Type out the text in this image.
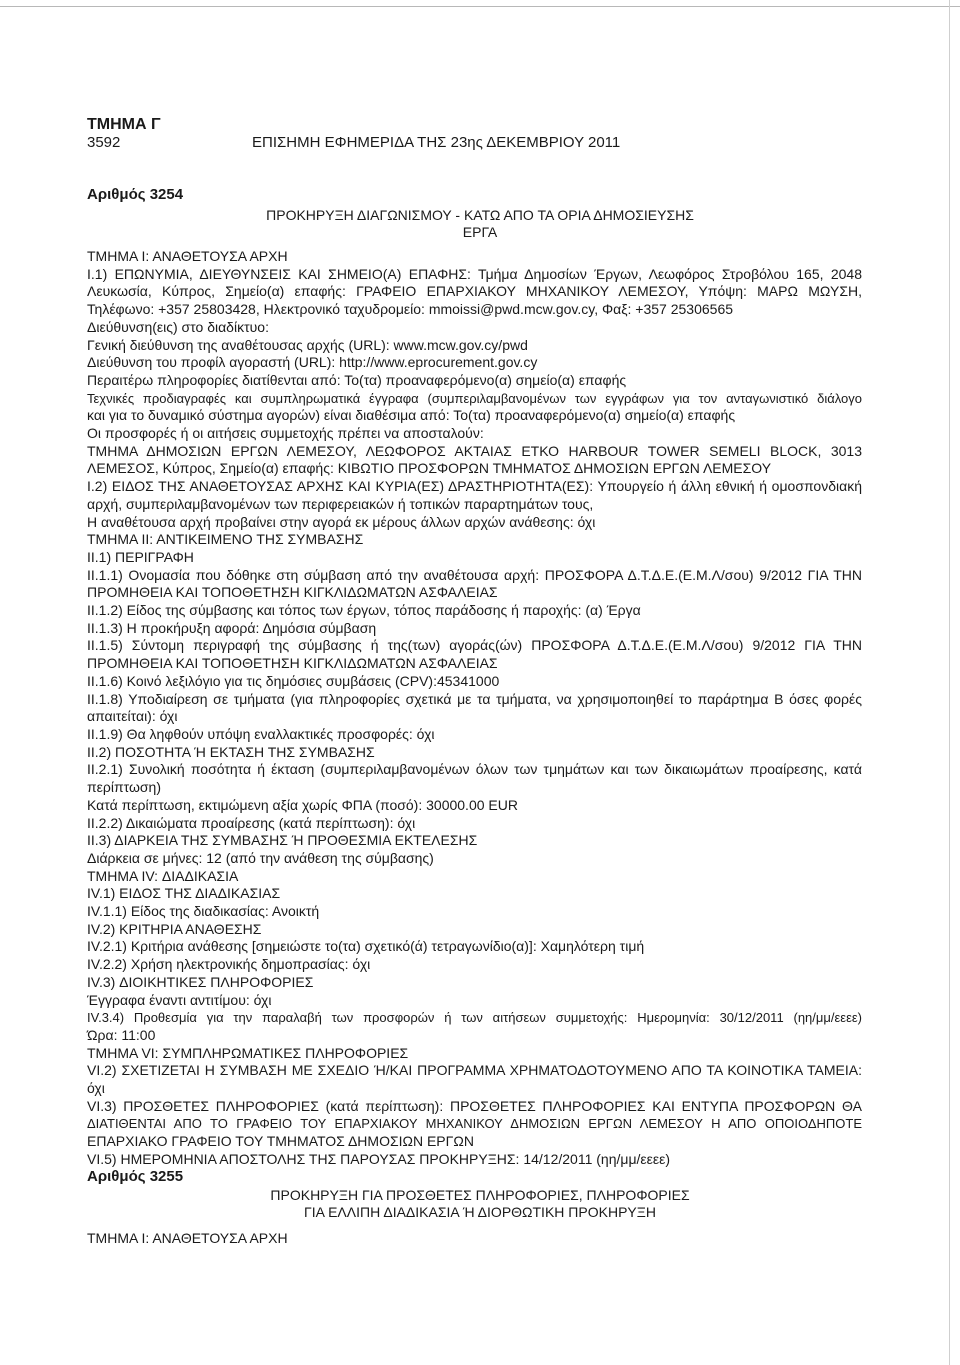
ΤΜΗΜΑ Γ
3592	ΕΠΙΣΗΜΗ ΕΦΗΜΕΡΙΔΑ ΤΗΣ 23ης ΔΕΚΕΜΒΡΙΟΥ 2011
Αριθμός 3254
ΠΡΟΚΗΡΥΞΗ ΔΙΑΓΩΝΙΣΜΟΥ - ΚΑΤΩ ΑΠΟ ΤΑ ΟΡΙΑ ΔΗΜΟΣΙΕΥΣΗΣ
ΕΡΓΑ

ΤΜΗΜΑ Ι: ΑΝΑΘΕΤΟΥΣΑ ΑΡΧΗ

Ι.1) ΕΠΩΝΥΜΙΑ, ΔΙΕΥΘΥΝΣΕΙΣ ΚΑΙ ΣΗΜΕΙΟ(Α) ΕΠΑΦΗΣ: Τμήμα Δημοσίων Έργων, Λεωφόρος Στροβόλου 165, 2048

Λευκωσία, Κύπρος, Σημείο(α) επαφής: ΓΡΑΦΕΙΟ ΕΠΑΡΧΙΑΚΟΥ ΜΗΧΑΝΙΚΟΥ ΛΕΜΕΣΟΥ, Υπόψη: ΜΑΡΩ ΜΩΥΣΗ,

Τηλέφωνο: +357 25803428, Ηλεκτρονικό ταχυδρομείο: mmoissi@pwd.mcw.gov.cy, Φαξ: +357 25306565

Διεύθυνση(εις) στο διαδίκτυο:

Γενική διεύθυνση της αναθέτουσας αρχής (URL): www.mcw.gov.cy/pwd

Διεύθυνση του προφίλ αγοραστή (URL): http://www.eprocurement.gov.cy

Περαιτέρω πληροφορίες διατίθενται από: Το(τα) προαναφερόμενο(α) σημείο(α) επαφής

Τεχνικές προδιαγραφές και συμπληρωματικά έγγραφα (συμπεριλαμβανομένων των εγγράφων για τον ανταγωνιστικό διάλογο

και για το δυναμικό σύστημα αγορών) είναι διαθέσιμα από: Το(τα) προαναφερόμενο(α) σημείο(α) επαφής

Οι προσφορές ή οι αιτήσεις συμμετοχής πρέπει να αποσταλούν:

ΤΜΗΜΑ ΔΗΜΟΣΙΩΝ ΕΡΓΩΝ ΛΕΜΕΣΟΥ, ΛΕΩΦΟΡΟΣ ΑΚΤΑΙΑΣ ΕΤΚΟ HARBOUR TOWER SEMELI BLOCK, 3013

ΛΕΜΕΣΟΣ, Κύπρος, Σημείο(α) επαφής: ΚΙΒΩΤΙΟ ΠΡΟΣΦΟΡΩΝ ΤΜΗΜΑΤΟΣ ΔΗΜΟΣΙΩΝ ΕΡΓΩΝ ΛΕΜΕΣΟΥ

Ι.2) ΕΙΔΟΣ ΤΗΣ ΑΝΑΘΕΤΟΥΣΑΣ ΑΡΧΗΣ ΚΑΙ ΚΥΡΙΑ(ΕΣ) ΔΡΑΣΤΗΡΙΟΤΗΤΑ(ΕΣ): Υπουργείο ή άλλη εθνική ή ομοσπονδιακή

αρχή, συμπεριλαμβανομένων των περιφερειακών ή τοπικών παραρτημάτων τους,

Η αναθέτουσα αρχή προβαίνει στην αγορά εκ μέρους άλλων αρχών ανάθεσης: όχι

ΤΜΗΜΑ ΙΙ: ΑΝΤΙΚΕΙΜΕΝΟ ΤΗΣ ΣΥΜΒΑΣΗΣ

ΙΙ.1) ΠΕΡΙΓΡΑΦΗ

ΙΙ.1.1) Ονομασία που δόθηκε στη σύμβαση από την αναθέτουσα αρχή: ΠΡΟΣΦΟΡΑ Δ.Τ.Δ.Ε.(Ε.Μ.Λ/σου) 9/2012 ΓΙΑ ΤΗΝ

ΠΡΟΜΗΘΕΙΑ ΚΑΙ ΤΟΠΟΘΕΤΗΣΗ ΚΙΓΚΛΙΔΩΜΑΤΩΝ ΑΣΦΑΛΕΙΑΣ

ΙΙ.1.2) Είδος της σύμβασης και τόπος των έργων, τόπος παράδοσης ή παροχής: (α) Έργα

ΙΙ.1.3) Η προκήρυξη αφορά: Δημόσια σύμβαση

ΙΙ.1.5) Σύντομη περιγραφή της σύμβασης ή της(των) αγοράς(ών) ΠΡΟΣΦΟΡΑ Δ.Τ.Δ.Ε.(Ε.Μ.Λ/σου) 9/2012 ΓΙΑ ΤΗΝ

ΠΡΟΜΗΘΕΙΑ ΚΑΙ ΤΟΠΟΘΕΤΗΣΗ ΚΙΓΚΛΙΔΩΜΑΤΩΝ ΑΣΦΑΛΕΙΑΣ

ΙΙ.1.6) Κοινό λεξιλόγιο για τις δημόσιες συμβάσεις (CPV):45341000

ΙΙ.1.8) Υποδιαίρεση σε τμήματα (για πληροφορίες σχετικά με τα τμήματα, να χρησιμοποιηθεί το παράρτημα Β όσες φορές

απαιτείται): όχι

ΙΙ.1.9) Θα ληφθούν υπόψη εναλλακτικές προσφορές: όχι

ΙΙ.2) ΠΟΣΟΤΗΤΑ Ή ΕΚΤΑΣΗ ΤΗΣ ΣΥΜΒΑΣΗΣ

ΙΙ.2.1) Συνολική ποσότητα ή έκταση (συμπεριλαμβανομένων όλων των τμημάτων και των δικαιωμάτων προαίρεσης, κατά

περίπτωση)

Κατά περίπτωση, εκτιμώμενη αξία χωρίς ΦΠΑ (ποσό): 30000.00 EUR

ΙΙ.2.2) Δικαιώματα προαίρεσης (κατά περίπτωση): όχι

ΙΙ.3) ΔΙΑΡΚΕΙΑ ΤΗΣ ΣΥΜΒΑΣΗΣ Ή ΠΡΟΘΕΣΜΙΑ ΕΚΤΕΛΕΣΗΣ

Διάρκεια σε μήνες: 12 (από την ανάθεση της σύμβασης)

ΤΜΗΜΑ ΙV: ΔΙΑΔΙΚΑΣΙΑ

ΙV.1) ΕΙΔΟΣ ΤΗΣ ΔΙΑΔΙΚΑΣΙΑΣ

ΙV.1.1) Είδος της διαδικασίας: Ανοικτή

ΙV.2) ΚΡΙΤΗΡΙΑ ΑΝΑΘΕΣΗΣ

ΙV.2.1) Κριτήρια ανάθεσης [σημειώστε το(τα) σχετικό(ά) τετραγωνίδιο(α)]: Χαμηλότερη τιμή

ΙV.2.2) Χρήση ηλεκτρονικής δημοπρασίας: όχι

ΙV.3) ΔΙΟΙΚΗΤΙΚΕΣ ΠΛΗΡΟΦΟΡΙΕΣ

Έγγραφα έναντι αντιτίμου: όχι

ΙV.3.4) Προθεσμία για την παραλαβή των προσφορών ή των αιτήσεων συμμετοχής: Ημερομηνία: 30/12/2011 (ηη/μμ/εεεε)

Ώρα: 11:00

ΤΜΗΜΑ VI: ΣΥΜΠΛΗΡΩΜΑΤΙΚΕΣ ΠΛΗΡΟΦΟΡΙΕΣ

VI.2) ΣΧΕΤΙΖΕΤΑΙ Η ΣΥΜΒΑΣΗ ΜΕ ΣΧΕΔΙΟ Ή/ΚΑΙ ΠΡΟΓΡΑΜΜΑ ΧΡΗΜΑΤΟΔΟΤΟΥΜΕΝΟ ΑΠΟ ΤΑ ΚΟΙΝΟΤΙΚΑ ΤΑΜΕΙΑ:

όχι

VI.3) ΠΡΟΣΘΕΤΕΣ ΠΛΗΡΟΦΟΡΙΕΣ (κατά περίπτωση): ΠΡΟΣΘΕΤΕΣ ΠΛΗΡΟΦΟΡΙΕΣ ΚΑΙ ΕΝΤΥΠΑ ΠΡΟΣΦΟΡΩΝ ΘΑ

ΔΙΑΤΙΘΕΝΤΑΙ ΑΠΟ ΤΟ ΓΡΑΦΕΙΟ ΤΟΥ ΕΠΑΡΧΙΑΚΟΥ ΜΗΧΑΝΙΚΟΥ ΔΗΜΟΣΙΩΝ ΕΡΓΩΝ ΛΕΜΕΣΟΥ Η ΑΠΟ ΟΠΟΙΟΔΗΠΟΤΕ

ΕΠΑΡΧΙΑΚΟ ΓΡΑΦΕΙΟ ΤΟΥ ΤΜΗΜΑΤΟΣ ΔΗΜΟΣΙΩΝ ΕΡΓΩΝ

VI.5) ΗΜΕΡΟΜΗΝΙΑ ΑΠΟΣΤΟΛΗΣ ΤΗΣ ΠΑΡΟΥΣΑΣ ΠΡΟΚΗΡΥΞΗΣ: 14/12/2011 (ηη/μμ/εεεε)

Αριθμός 3255
ΠΡΟΚΗΡΥΞΗ ΓΙΑ ΠΡΟΣΘΕΤΕΣ ΠΛΗΡΟΦΟΡΙΕΣ, ΠΛΗΡΟΦΟΡΙΕΣ
ΓΙΑ ΕΛΛΙΠΗ ΔΙΑΔΙΚΑΣΙΑ Ή ΔΙΟΡΘΩΤΙΚΗ ΠΡΟΚΗΡΥΞΗ
ΤΜΗΜΑ Ι: ΑΝΑΘΕΤΟΥΣΑ ΑΡΧΗ
